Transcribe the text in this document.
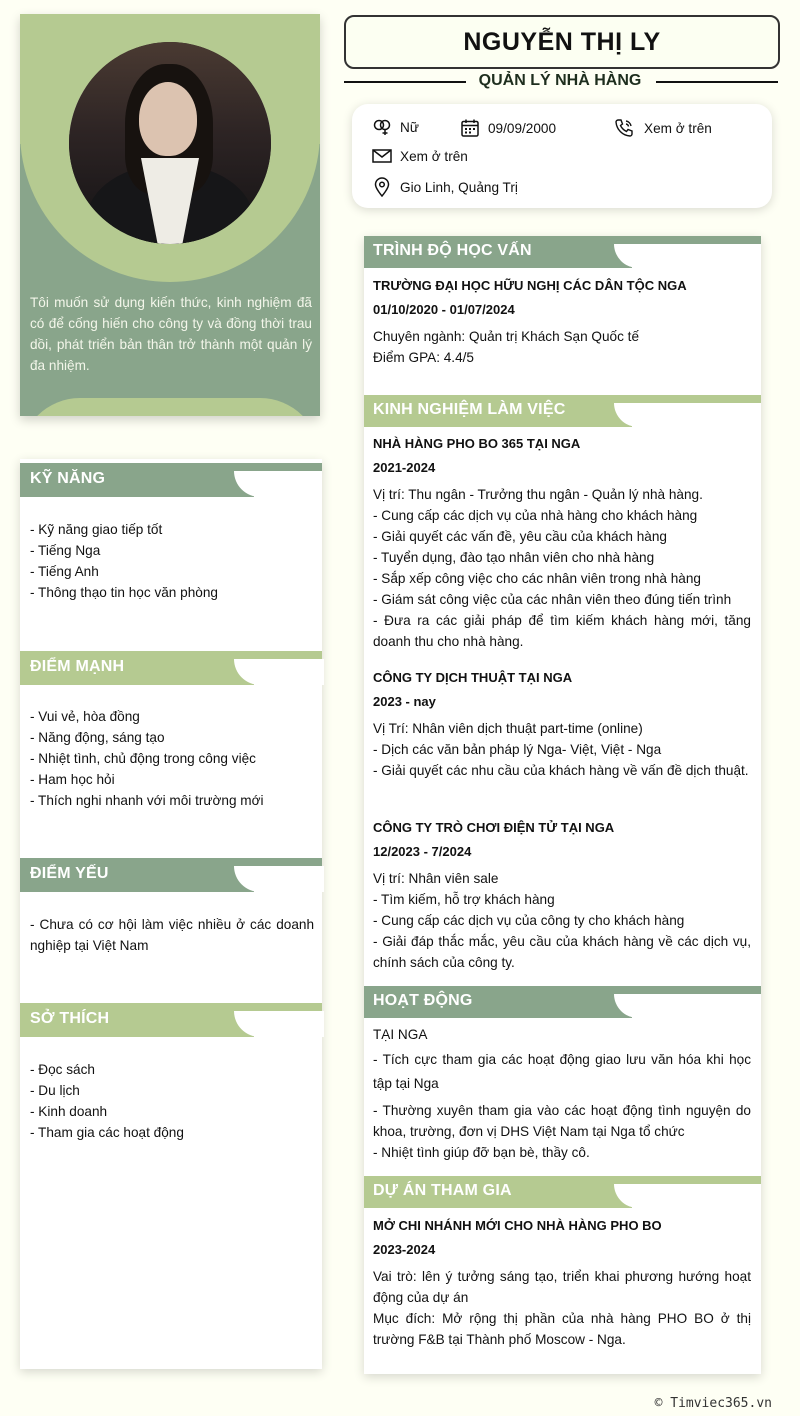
Tôi muốn sử dụng kiến thức, kinh nghiệm đã có để cống hiến cho công ty và đồng thời trau dồi, phát triển bản thân trở thành một quản lý đa nhiệm.
KỸ NĂNG
- Kỹ năng giao tiếp tốt
- Tiếng Nga
- Tiếng Anh
- Thông thạo tin học văn phòng
ĐIỂM MẠNH
- Vui vẻ, hòa đồng
- Năng động, sáng tạo
- Nhiệt tình, chủ động trong công việc
- Ham học hỏi
- Thích nghi nhanh với môi trường mới
ĐIỂM YẾU
- Chưa có cơ hội làm việc nhiều ở các doanh nghiệp tại Việt Nam
SỞ THÍCH
- Đọc sách
- Du lịch
- Kinh doanh
- Tham gia các hoạt động
NGUYỄN THỊ LY
QUẢN LÝ NHÀ HÀNG
Nữ	09/09/2000	Xem ở trên
Xem ở trên
Gio Linh, Quảng Trị
TRÌNH ĐỘ HỌC VẤN
TRƯỜNG ĐẠI HỌC HỮU NGHỊ CÁC DÂN TỘC NGA
01/10/2020 - 01/07/2024
Chuyên ngành: Quản trị Khách Sạn Quốc tế
Điểm GPA: 4.4/5
KINH NGHIỆM LÀM VIỆC
NHÀ HÀNG PHO BO 365 TẠI NGA
2021-2024
Vị trí: Thu ngân - Trưởng thu ngân - Quản lý nhà hàng.
- Cung cấp các dịch vụ của nhà hàng cho khách hàng
- Giải quyết các vấn đề, yêu cầu của khách hàng
- Tuyển dụng, đào tạo nhân viên cho nhà hàng
- Sắp xếp công việc cho các nhân viên trong nhà hàng
- Giám sát công việc của các nhân viên theo đúng tiến trình
- Đưa ra các giải pháp để tìm kiếm khách hàng mới, tăng doanh thu cho nhà hàng.
CÔNG TY DỊCH THUẬT TẠI NGA
2023 - nay
Vị Trí: Nhân viên dịch thuật part-time (online)
- Dịch các văn bản pháp lý Nga- Việt, Việt - Nga
- Giải quyết các nhu cầu của khách hàng về vấn đề dịch thuật.
CÔNG TY TRÒ CHƠI ĐIỆN TỬ TẠI NGA
12/2023 - 7/2024
Vị trí: Nhân viên sale
- Tìm kiếm, hỗ trợ khách hàng
- Cung cấp các dịch vụ của công ty cho khách hàng
- Giải đáp thắc mắc, yêu cầu của khách hàng về các dịch vụ, chính sách của công ty.
HOẠT ĐỘNG
TẠI NGA
- Tích cực tham gia các hoạt động giao lưu văn hóa khi học tập tại Nga
- Thường xuyên tham gia vào các hoạt động tình nguyện do khoa, trường, đơn vị DHS Việt Nam tại Nga tổ chức
- Nhiệt tình giúp đỡ bạn bè, thầy cô.
DỰ ÁN THAM GIA
MỞ CHI NHÁNH MỚI CHO NHÀ HÀNG PHO BO
2023-2024
Vai trò: lên ý tưởng sáng tạo, triển khai phương hướng hoạt động của dự án
Mục đích: Mở rộng thị phần của nhà hàng PHO BO ở thị trường F&B tại Thành phố Moscow - Nga.
© Timviec365.vn
